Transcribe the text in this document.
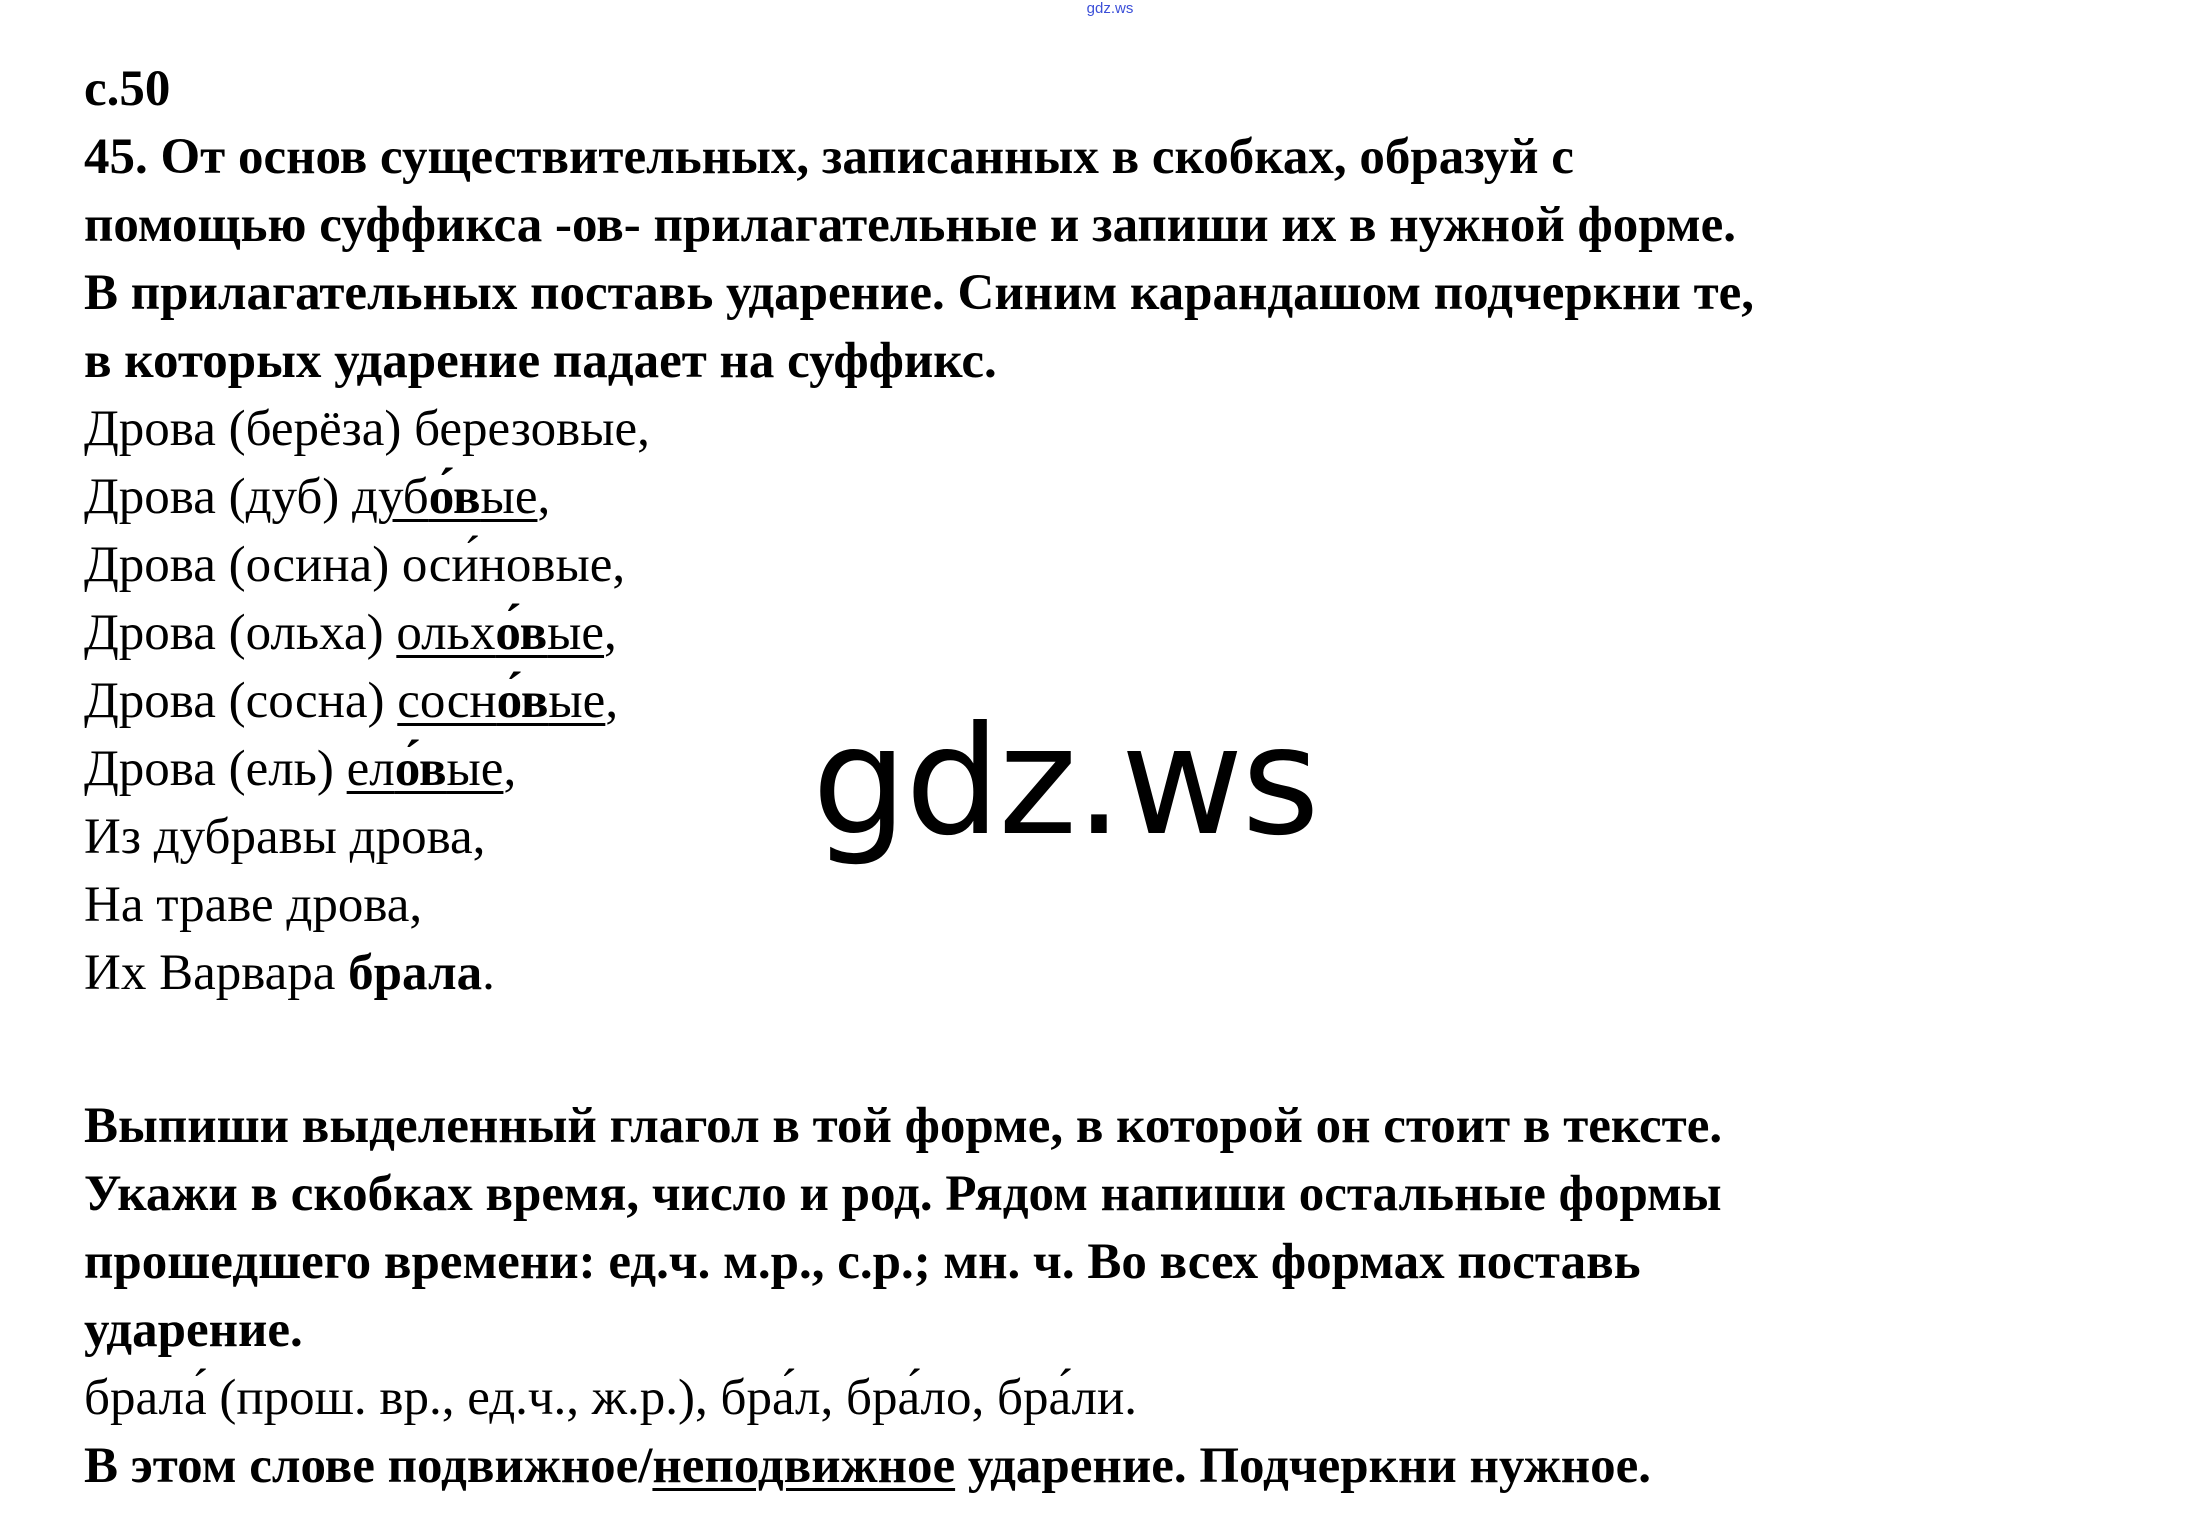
gdz.ws
с.50
45. От основ существительных, записанных в скобках, образуй с
помощью суффикса -ов- прилагательные и запиши их в нужной форме.
В прилагательных поставь ударение. Синим карандашом подчеркни те,
в которых ударение падает на суффикс.
Дрова (берёза) березовые,
Дрова (дуб) дубо́вые,
Дрова (осина) оси́новые,
Дрова (ольха) ольхо́вые,
Дрова (сосна) сосно́вые,
Дрова (ель) ело́вые,
Из дубравы дрова,
На траве дрова,
Их Варвара брала.
Выпиши выделенный глагол в той форме, в которой он стоит в тексте.
Укажи в скобках время, число и род. Рядом напиши остальные формы
прошедшего времени: ед.ч. м.р., с.р.; мн. ч. Во всех формах поставь
ударение.
брала́ (прош. вр., ед.ч., ж.р.), бра́л, бра́ло, бра́ли.
В этом слове подвижное/неподвижное ударение. Подчеркни нужное.
gdz.ws
